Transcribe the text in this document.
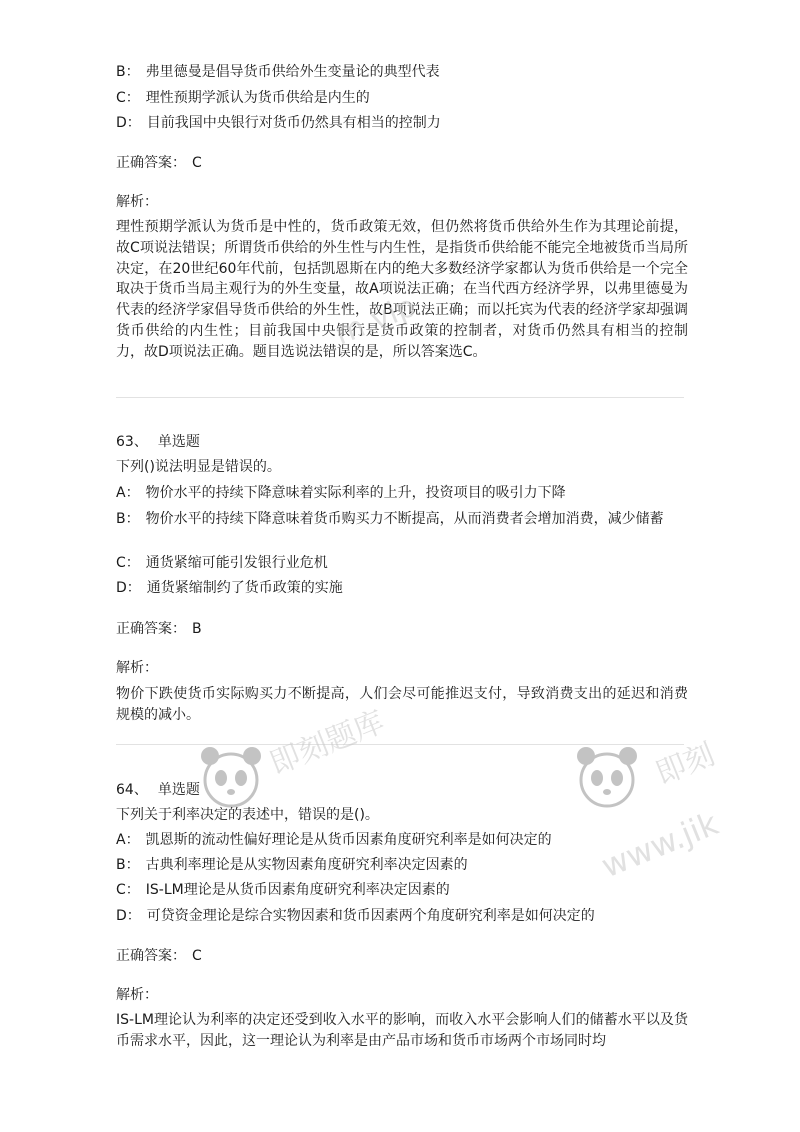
B： 弗里德曼是倡导货币供给外生变量论的典型代表
C： 理性预期学派认为货币供给是内生的
D： 目前我国中央银行对货币仍然具有相当的控制力
正确答案： C
解析：
理性预期学派认为货币是中性的，货币政策无效，但仍然将货币供给外生作为其理论前提，故C项说法错误；所谓货币供给的外生性与内生性，是指货币供给能不能完全地被货币当局所决定，在20世纪60年代前，包括凯恩斯在内的绝大多数经济学家都认为货币供给是一个完全取决于货币当局主观行为的外生变量，故A项说法正确；在当代西方经济学界，以弗里德曼为代表的经济学家倡导货币供给的外生性，故B项说法正确；而以托宾为代表的经济学家却强调货币供给的内生性；目前我国中央银行是货币政策的控制者，对货币仍然具有相当的控制力，故D项说法正确。题目选说法错误的是，所以答案选C。
63、 单选题
下列()说法明显是错误的。
A： 物价水平的持续下降意味着实际利率的上升，投资项目的吸引力下降
B： 物价水平的持续下降意味着货币购买力不断提高，从而消费者会增加消费，减少储蓄
C： 通货紧缩可能引发银行业危机
D： 通货紧缩制约了货币政策的实施
正确答案： B
解析：
物价下跌使货币实际购买力不断提高，人们会尽可能推迟支付，导致消费支出的延迟和消费规模的减小。
64、 单选题
下列关于利率决定的表述中，错误的是()。
A： 凯恩斯的流动性偏好理论是从货币因素角度研究利率是如何决定的
B： 古典利率理论是从实物因素角度研究利率决定因素的
C： IS-LM理论是从货币因素角度研究利率决定因素的
D： 可贷资金理论是综合实物因素和货币因素两个角度研究利率是如何决定的
正确答案： C
解析：
IS-LM理论认为利率的决定还受到收入水平的影响，而收入水平会影响人们的储蓄水平以及货币需求水平，因此，这一理论认为利率是由产品市场和货币市场两个市场同时均
即刻题库	即刻
www.jik
m.vip
